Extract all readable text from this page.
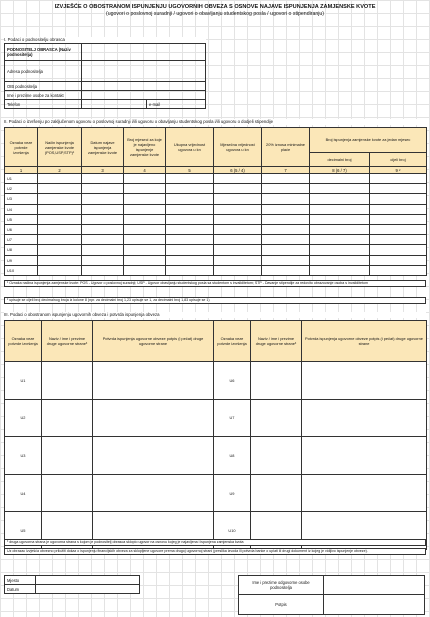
IZVJEŠĆE O OBOSTRANOM ISPUNJENJU UGOVORNIH OBVEZA S OSNOVE NAJAVE ISPUNJENJA ZAMJENSKE KVOTE
(ugovori o poslovnoj suradnji / ugovori o obavljanju studentskog posla / ugovori o stipendiranju)
I. Podaci o podnositelju obrasca
PODNOSITELJ OBRASCA (Naziv podnositelja)		
Adresa podnositelja		
OIB podnositelja		
Ime i prezime osobe za kontakt		
Telefon		e-mail
II. Podaci o izvršenju po zaključenom ugovoru o poslovnoj suradnji i/ili ugovoru o obavljanju studentskog posla i/ili ugovoru o dodjeli stipendije
Oznaka veze potvrde izvršenja	Način ispunjenja zamjenske kvote (POS,USP,STP)¹	Datum najave ispunjenja zamjenske kvote	Broj mjeseci za koje je najavljeno ispunjenje zamjenske kvote	Ukupna vrijednost ugovora u kn	Mjesečna vrijednost ugovora u kn	20% iznosa minimalne plaće	Broj ispunjenja zamjenske kvote za jedan mjesec	
							decimalni broj	cijeli broj
1	2	3	4	5	6 (5 / 4)	7	8 (6 / 7)	9 ²
U1								
U2								
U3								
U4								
U5								
U6								
U7								
U8								
U9								
U10								
¹ Oznaka načina ispunjenja zamjenske kvote: POS - Ugovor o poslovnoj suradnji; USP - Ugovor obavljanju studentskog posla sa studentom s invaliditetom; STP - Davanje stipendije za redovito obrazovanje osoba s invaliditetom
² upisuje se cijeli broj decimalnog broja iz kolone 8 (npr. za decimalni broj 1,23 upisuje se 1, za decimalni broj 1,83 upisuje se 1)
III. Podaci o obostranom ispunjenju ugovornih obveza i potvrda ispunjenja obveza
Oznaka veze potvrde izvršenja	Naziv / ime i prezime druge ugovorne strane³	Potvrda ispunjenja ugovorne obveze potpis (i pečat) druge ugovorne strane	Oznaka veze potvrde izvršenja	Naziv / ime i prezime druge ugovorne strane³	Potvrda ispunjenja ugovorne obveze potpis (i pečat) druge ugovorne strane
U1			U6		
U2			U7		
U3			U8		
U4			U9		
U5			U10		
³ druga ugovorna strana je ugovorna strana s kojom je podnositelj obrasca sklopio ugovor na osnovu kojeg je najavljena i ispunjena zamjenska kvota
Uz obrazac izvješća obvezno priložiti dokaz o ispunjenju financijskih obveza za sklopljene ugovore prema drugoj ugovornoj strani (preslika izvoda ili potvrda banke o uplati ili drugi dokument iz kojeg je vidljivo ispunjenje obveze).
Mjesto	
Datum	
Ime i prezime odgovorne osobe podnositelja	
Potpis	
